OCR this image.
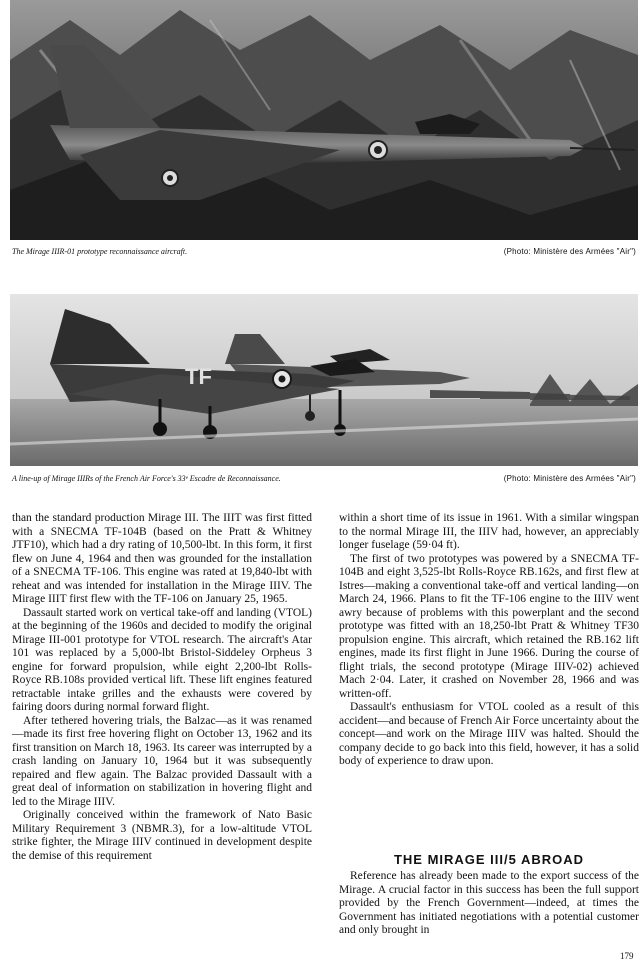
The Mirage IIIR-01 prototype reconnaissance aircraft.	(Photo: Ministère des Armées "Air")
TF
A line-up of Mirage IIIRs of the French Air Force's 33ᵉ Escadre de Reconnaissance.	(Photo: Ministère des Armées "Air")

than the standard production Mirage III. The IIIT was first fitted with a SNECMA TF-104B (based on the Pratt & Whitney JTF10), which had a dry rating of 10,500-lbt. In this form, it first flew on June 4, 1964 and then was grounded for the installation of a SNECMA TF-106. This engine was rated at 19,840-lbt with reheat and was intended for installation in the Mirage IIIV. The Mirage IIIT first flew with the TF-106 on January 25, 1965.

Dassault started work on vertical take-off and landing (VTOL) at the beginning of the 1960s and decided to modify the original Mirage III-001 prototype for VTOL research. The aircraft's Atar 101 was replaced by a 5,000-lbt Bristol-Siddeley Orpheus 3 engine for forward propulsion, while eight 2,200-lbt Rolls-Royce RB.108s provided vertical lift. These lift engines featured retractable intake grilles and the exhausts were covered by fairing doors during normal forward flight.

After tethered hovering trials, the Balzac—as it was renamed—made its first free hovering flight on October 13, 1962 and its first transition on March 18, 1963. Its career was interrupted by a crash landing on January 10, 1964 but it was subsequently repaired and flew again. The Balzac provided Dassault with a great deal of information on stabilization in hovering flight and led to the Mirage IIIV.

Originally conceived within the framework of Nato Basic Military Requirement 3 (NBMR.3), for a low-altitude VTOL strike fighter, the Mirage IIIV continued in development despite the demise of this requirement

within a short time of its issue in 1961. With a similar wingspan to the normal Mirage III, the IIIV had, however, an appreciably longer fuselage (59·04 ft).

The first of two prototypes was powered by a SNECMA TF-104B and eight 3,525-lbt Rolls-Royce RB.162s, and first flew at Istres—making a conventional take-off and vertical landing—on March 24, 1966. Plans to fit the TF-106 engine to the IIIV went awry because of problems with this powerplant and the second prototype was fitted with an 18,250-lbt Pratt & Whitney TF30 propulsion engine. This aircraft, which retained the RB.162 lift engines, made its first flight in June 1966. During the course of flight trials, the second prototype (Mirage IIIV-02) achieved Mach 2·04. Later, it crashed on November 28, 1966 and was written-off.

Dassault's enthusiasm for VTOL cooled as a result of this accident—and because of French Air Force uncertainty about the concept—and work on the Mirage IIIV was halted. Should the company decide to go back into this field, however, it has a solid body of experience to draw upon.

THE MIRAGE III/5 ABROAD

Reference has already been made to the export success of the Mirage. A crucial factor in this success has been the full support provided by the French Government—indeed, at times the Government has initiated negotiations with a potential customer and only brought in

179
